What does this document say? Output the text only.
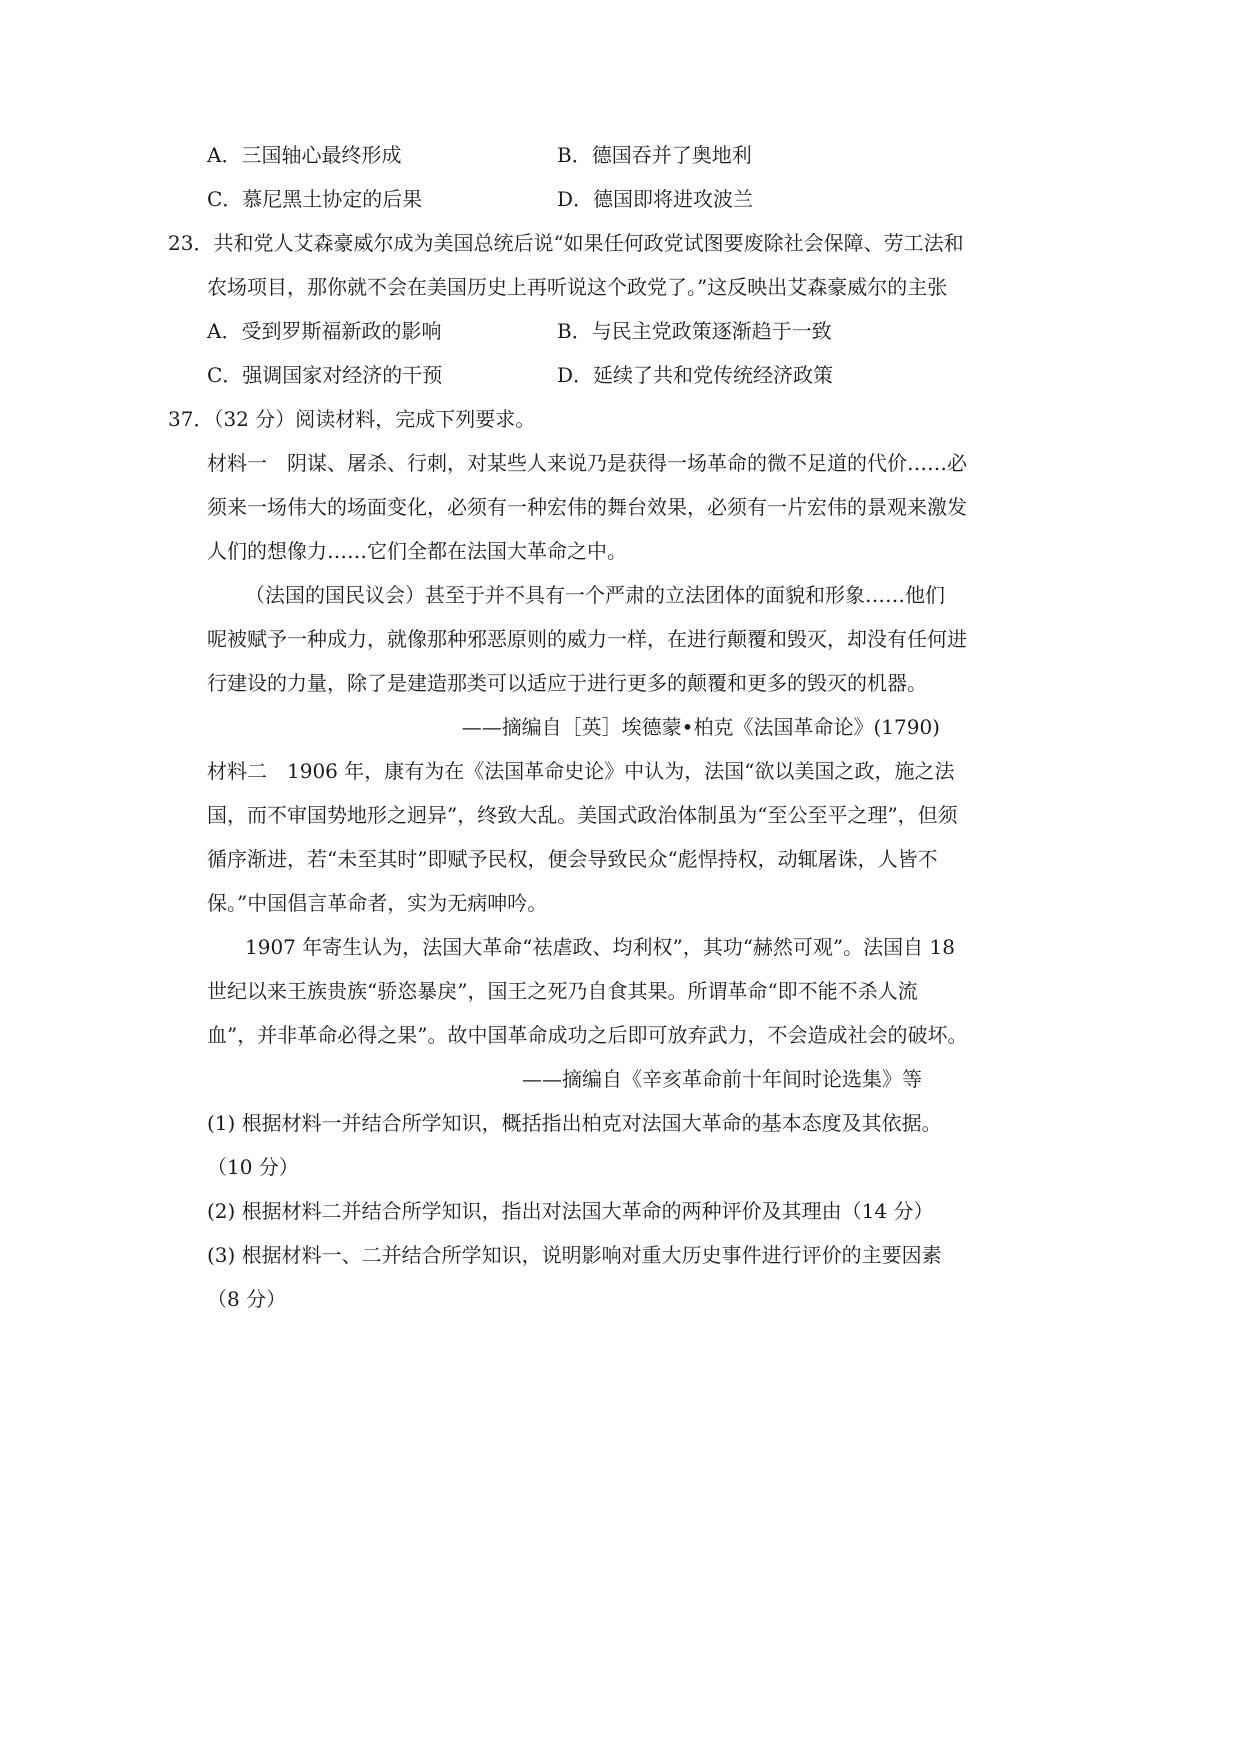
A．三国轴心最终形成	B．德国吞并了奥地利
C．慕尼黑土协定的后果	D．德国即将进攻波兰
23．共和党人艾森豪威尔成为美国总统后说“如果任何政党试图要废除社会保障、劳工法和
农场项目，那你就不会在美国历史上再听说这个政党了。”这反映出艾森豪威尔的主张
A．受到罗斯福新政的影响	B．与民主党政策逐渐趋于一致
C．强调国家对经济的干预	D．延续了共和党传统经济政策
37．（32 分）阅读材料，完成下列要求。
材料一　阴谋、屠杀、行刺，对某些人来说乃是获得一场革命的微不足道的代价……必
须来一场伟大的场面变化，必须有一种宏伟的舞台效果，必须有一片宏伟的景观来激发
人们的想像力……它们全都在法国大革命之中。
（法国的国民议会）甚至于并不具有一个严肃的立法团体的面貌和形象……他们
呢被赋予一种成力，就像那种邪恶原则的威力一样，在进行颠覆和毁灭，却没有任何进
行建设的力量，除了是建造那类可以适应于进行更多的颠覆和更多的毁灭的机器。
——摘编自［英］埃德蒙•柏克《法国革命论》(1790)
材料二　1906 年，康有为在《法国革命史论》中认为，法国“欲以美国之政，施之法
国，而不审国势地形之迥异”，终致大乱。美国式政治体制虽为“至公至平之理”，但须
循序渐进，若“未至其时”即赋予民权，便会导致民众“彪悍持权，动辄屠诛，人皆不
保。”中国倡言革命者，实为无病呻吟。
1907 年寄生认为，法国大革命“祛虐政、均利权”，其功“赫然可观”。法国自 18
世纪以来王族贵族“骄恣暴戾”，国王之死乃自食其果。所谓革命“即不能不杀人流
血”，并非革命必得之果”。故中国革命成功之后即可放弃武力，不会造成社会的破坏。
——摘编自《辛亥革命前十年间时论选集》等
(1) 根据材料一并结合所学知识，概括指出柏克对法国大革命的基本态度及其依据。
（10 分）
(2) 根据材料二并结合所学知识，指出对法国大革命的两种评价及其理由（14 分）
(3) 根据材料一、二并结合所学知识，说明影响对重大历史事件进行评价的主要因素
（8 分）
